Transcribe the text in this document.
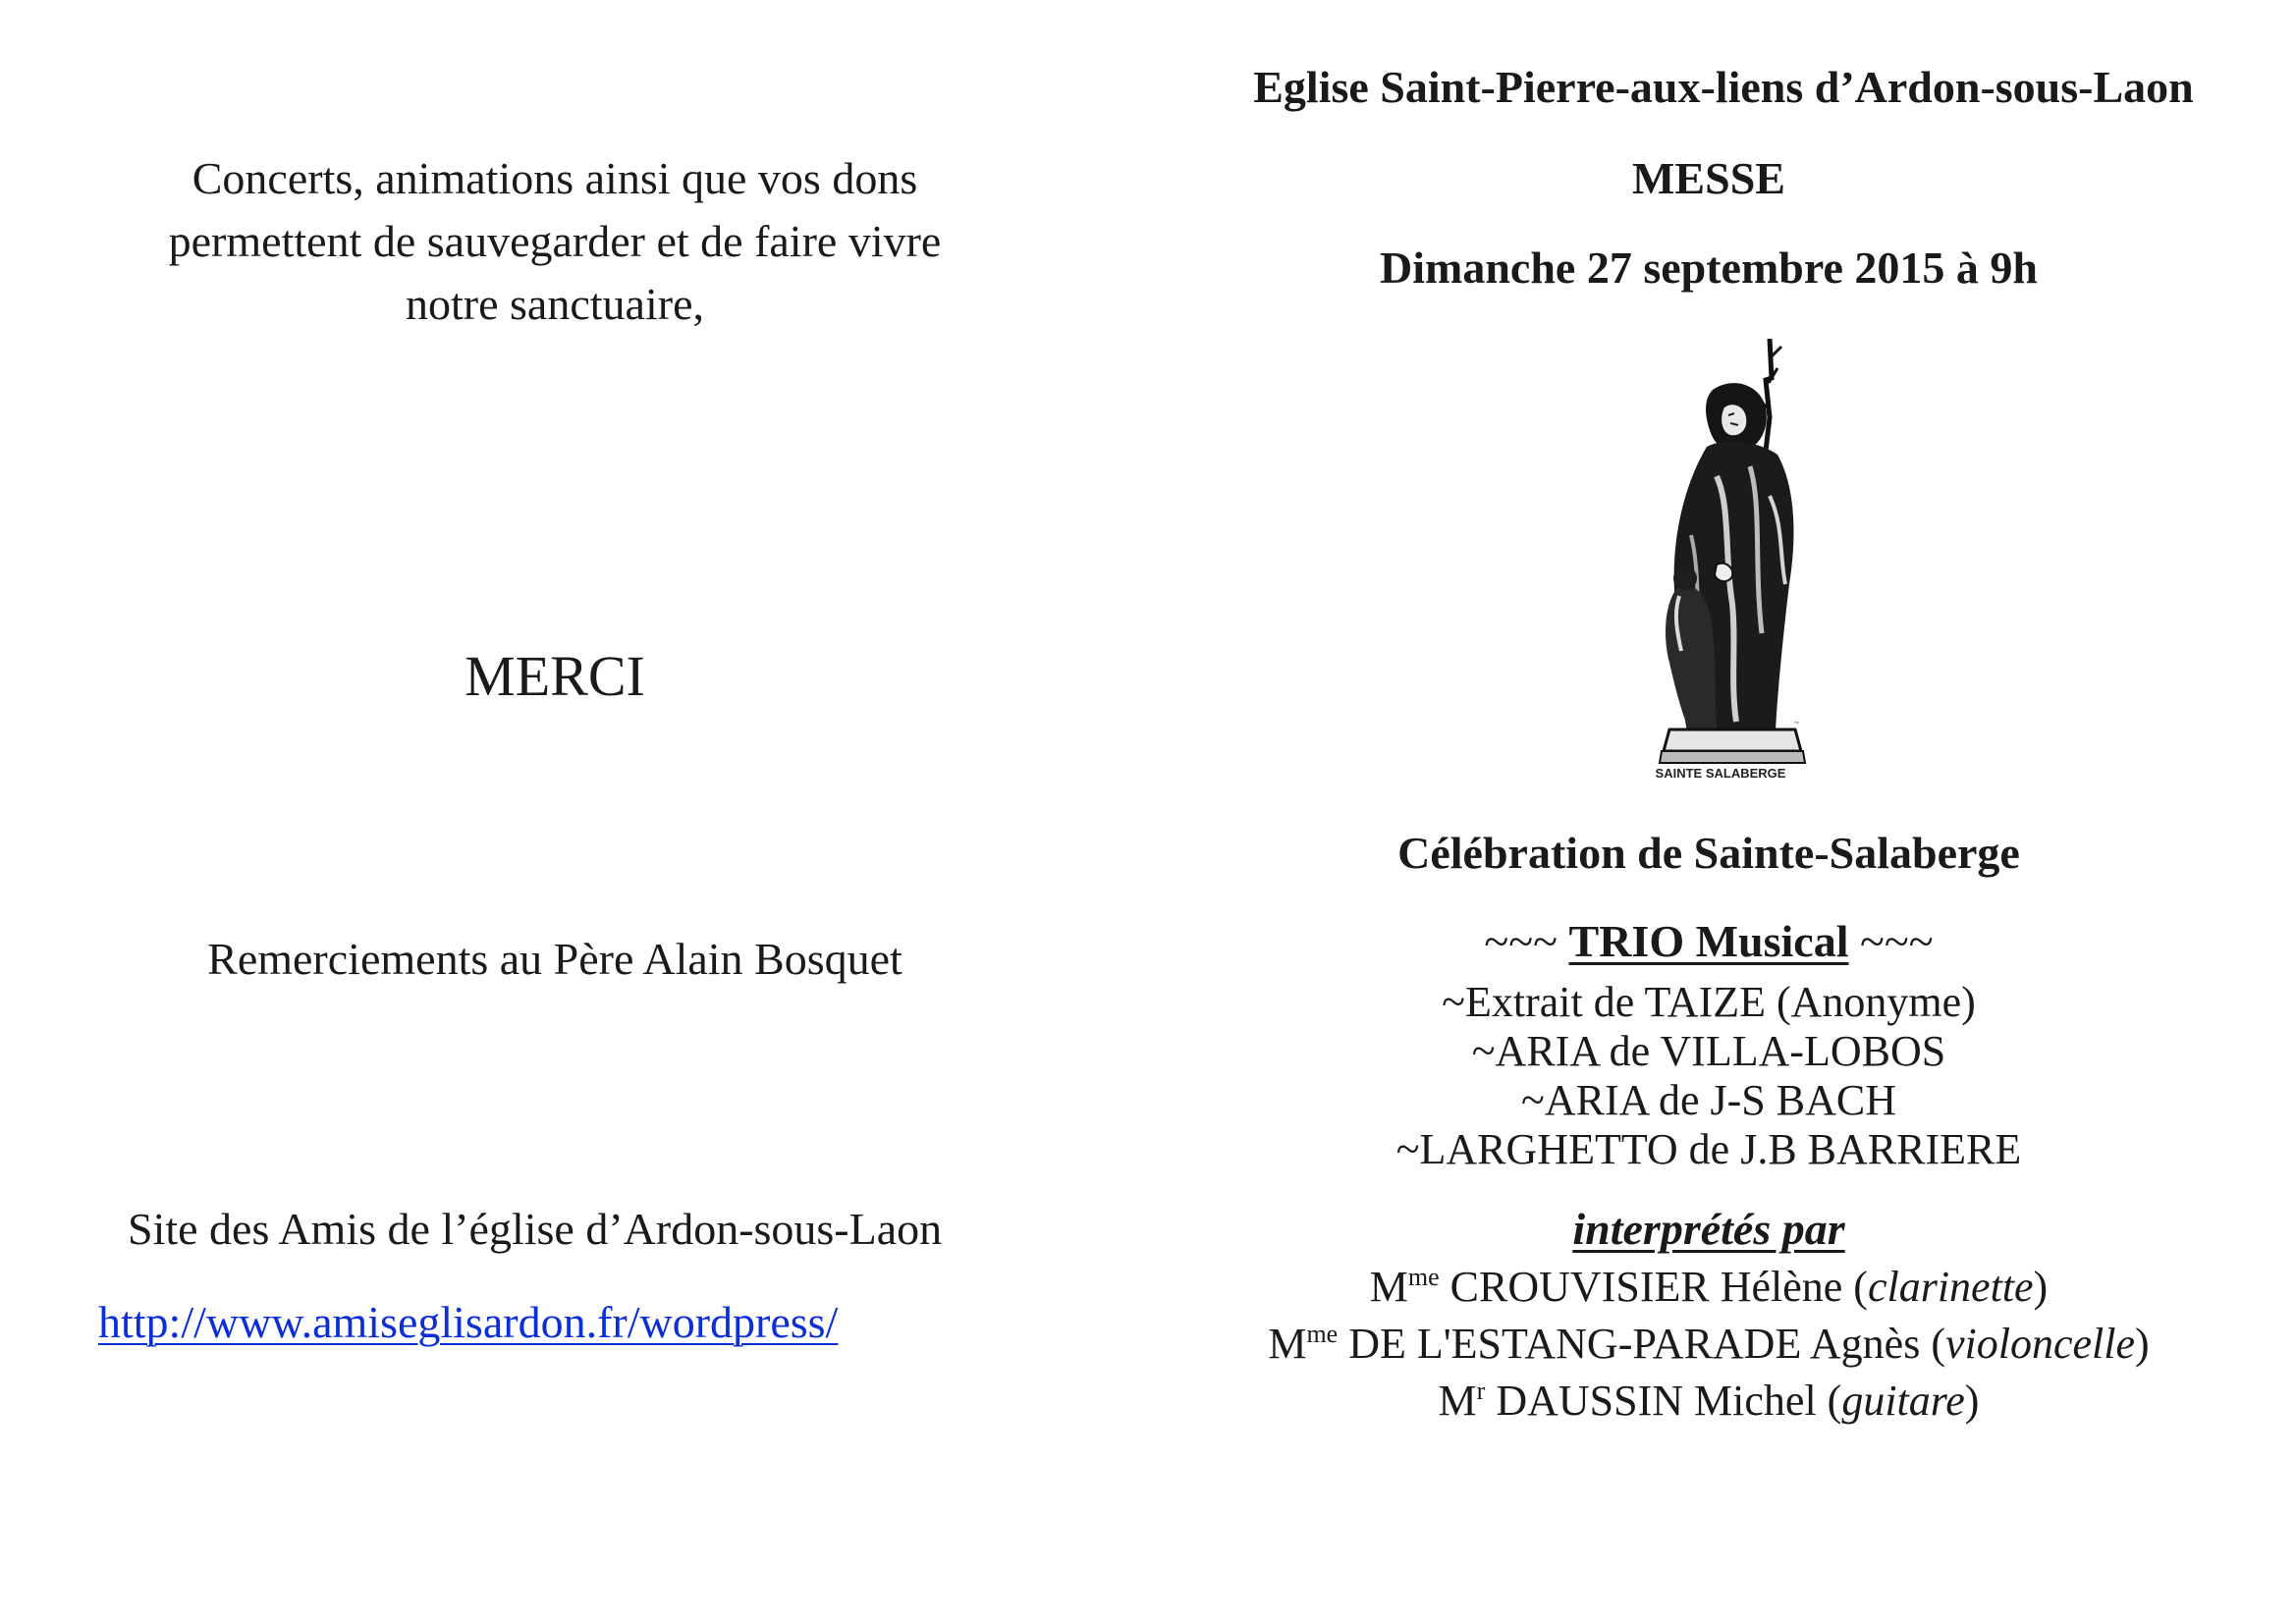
Concerts, animations ainsi que vos dons
permettent de sauvegarder et de faire vivre
notre sanctuaire,
MERCI
Remerciements au Père Alain Bosquet
Site des Amis de l’église d’Ardon-sous-Laon
http://www.amiseglisardon.fr/wordpress/
Eglise Saint-Pierre-aux-liens d’Ardon-sous-Laon
MESSE
Dimanche 27 septembre 2015 à 9h
~
SAINTE SALABERGE
Célébration de Sainte-Salaberge
~~~ TRIO Musical ~~~
~Extrait de TAIZE (Anonyme)
~ARIA de VILLA-LOBOS
~ARIA de J-S BACH
~LARGHETTO de J.B BARRIERE
interprétés par
$M^{me}$ CROUVISIER Hélène (clarinette)
$M^{me}$ DE L'ESTANG-PARADE Agnès (violoncelle)
$M^r$ DAUSSIN Michel (guitare)
